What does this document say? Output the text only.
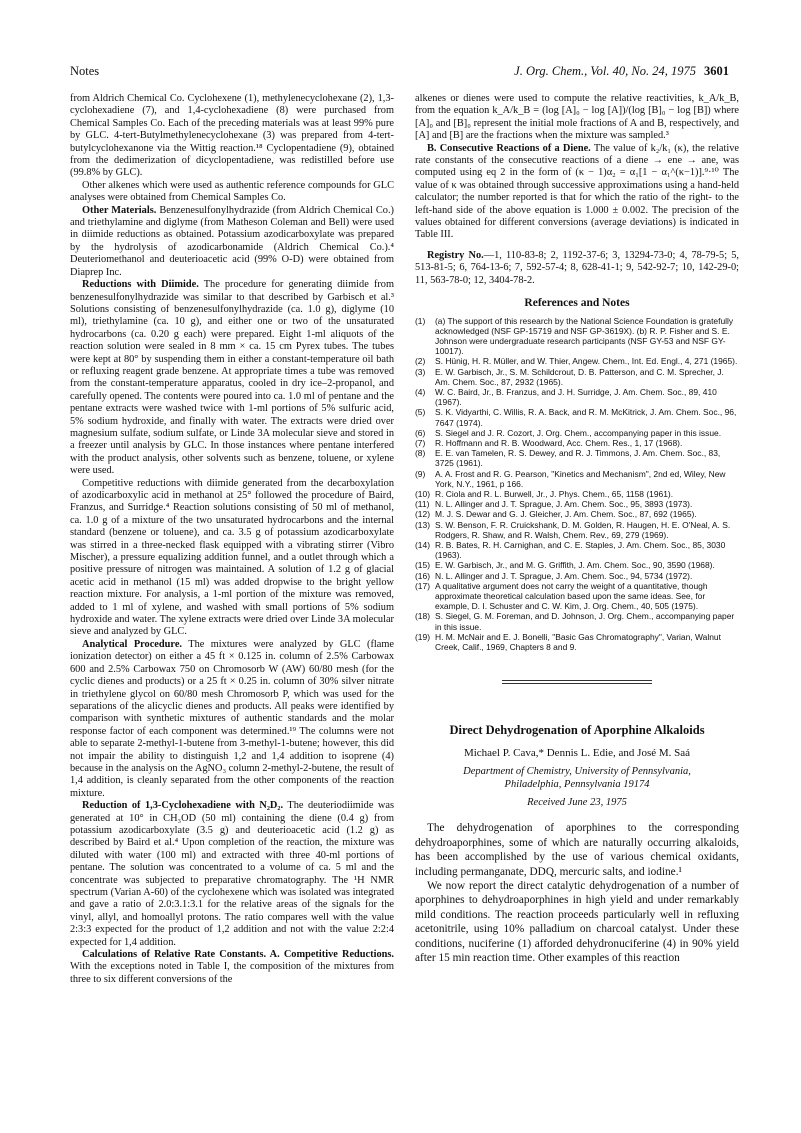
Notes	J. Org. Chem., Vol. 40, No. 24, 1975 3601

from Aldrich Chemical Co. Cyclohexene (1), methylenecyclohexane (2), 1,3-cyclohexadiene (7), and 1,4-cyclohexadiene (8) were purchased from Chemical Samples Co. Each of the preceding materials was at least 99% pure by GLC. 4-tert-Butylmethylenecyclohexane (3) was prepared from 4-tert-butylcyclohexanone via the Wittig reaction.¹⁸ Cyclopentadiene (9), obtained from the dedimerization of dicyclopentadiene, was redistilled before use (99.8% by GLC).

Other alkenes which were used as authentic reference compounds for GLC analyses were obtained from Chemical Samples Co.

Other Materials. Benzenesulfonylhydrazide (from Aldrich Chemical Co.) and triethylamine and diglyme (from Matheson Coleman and Bell) were used in diimide reductions as obtained. Potassium azodicarboxylate was prepared by the hydrolysis of azodicarbonamide (Aldrich Chemical Co.).⁴ Deuteriomethanol and deuterioacetic acid (99% O-D) were obtained from Diaprep Inc.

Reductions with Diimide. The procedure for generating diimide from benzenesulfonylhydrazide was similar to that described by Garbisch et al.³ Solutions consisting of benzenesulfonylhydrazide (ca. 1.0 g), diglyme (10 ml), triethylamine (ca. 10 g), and either one or two of the unsaturated hydrocarbons (ca. 0.20 g each) were prepared. Eight 1-ml aliquots of the reaction solution were sealed in 8 mm × ca. 15 cm Pyrex tubes. The tubes were kept at 80° by suspending them in either a constant-temperature oil bath or refluxing reagent grade benzene. At appropriate times a tube was removed from the constant-temperature apparatus, cooled in dry ice–2-propanol, and carefully opened. The contents were poured into ca. 1.0 ml of pentane and the pentane extracts were washed twice with 1-ml portions of 5% sulfuric acid, 5% sodium hydroxide, and finally with water. The extracts were dried over magnesium sulfate, sodium sulfate, or Linde 3A molecular sieve and stored in a freezer until analysis by GLC. In those instances where pentane interfered with the product analysis, other solvents such as benzene, toluene, or xylene were used.

Competitive reductions with diimide generated from the decarboxylation of azodicarboxylic acid in methanol at 25° followed the procedure of Baird, Franzus, and Surridge.⁴ Reaction solutions consisting of 50 ml of methanol, ca. 1.0 g of a mixture of the two unsaturated hydrocarbons and the internal standard (benzene or toluene), and ca. 3.5 g of potassium azodicarboxylate was stirred in a three-necked flask equipped with a vibrating stirrer (Vibro Mischer), a pressure equalizing addition funnel, and a outlet through which a positive pressure of nitrogen was maintained. A solution of 1.2 g of glacial acetic acid in methanol (15 ml) was added dropwise to the bright yellow reaction mixture. For analysis, a 1-ml portion of the mixture was removed, added to 1 ml of xylene, and washed with small portions of 5% sodium hydroxide and water. The xylene extracts were dried over Linde 3A molecular sieve and analyzed by GLC.

Analytical Procedure. The mixtures were analyzed by GLC (flame ionization detector) on either a 45 ft × 0.125 in. column of 2.5% Carbowax 600 and 2.5% Carbowax 750 on Chromosorb W (AW) 60/80 mesh (for the cyclic dienes and products) or a 25 ft × 0.25 in. column of 30% silver nitrate in triethylene glycol on 60/80 mesh Chromosorb P, which was used for the separations of the alicyclic dienes and products. All peaks were identified by comparison with synthetic mixtures of authentic standards and the molar response factor of each component was determined.¹⁹ The columns were not able to separate 2-methyl-1-butene from 3-methyl-1-butene; however, this did not impair the ability to distinguish 1,2 and 1,4 addition to isoprene (4) because in the analysis on the AgNO₃ column 2-methyl-2-butene, the result of 1,4 addition, is cleanly separated from the other components of the reaction mixture.

Reduction of 1,3-Cyclohexadiene with N₂D₂. The deuteriodiimide was generated at 10° in CH₃OD (50 ml) containing the diene (0.4 g) from potassium azodicarboxylate (3.5 g) and deuterioacetic acid (1.2 g) as described by Baird et al.⁴ Upon completion of the reaction, the mixture was diluted with water (100 ml) and extracted with three 40-ml portions of pentane. The solution was concentrated to a volume of ca. 5 ml and the concentrate was subjected to preparative chromatography. The ¹H NMR spectrum (Varian A-60) of the cyclohexene which was isolated was integrated and gave a ratio of 2.0:3.1:3.1 for the relative areas of the signals for the vinyl, allyl, and homoallyl protons. The ratio compares well with the value 2:3:3 expected for the product of 1,2 addition and not with the value 2:2:4 expected for 1,4 addition.

Calculations of Relative Rate Constants. A. Competitive Reductions. With the exceptions noted in Table I, the composition of the mixtures from three to six different conversions of the

alkenes or dienes were used to compute the relative reactivities, k_A/k_B, from the equation k_A/k_B = (log [A]₀ − log [A])/(log [B]₀ − log [B]) where [A]₀ and [B]₀ represent the initial mole fractions of A and B, respectively, and [A] and [B] are the fractions when the mixture was sampled.³

B. Consecutive Reactions of a Diene. The value of k₂/k₁ (κ), the relative rate constants of the consecutive reactions of a diene → ene → ane, was computed using eq 2 in the form of (κ − 1)α₂ = α₁[1 − α₁^(κ−1)].⁹·¹⁰ The value of κ was obtained through successive approximations using a hand-held calculator; the number reported is that for which the ratio of the right- to the left-hand side of the above equation is 1.000 ± 0.002. The precision of the values obtained for different conversions (average deviations) is indicated in Table III.

Registry No.—1, 110-83-8; 2, 1192-37-6; 3, 13294-73-0; 4, 78-79-5; 5, 513-81-5; 6, 764-13-6; 7, 592-57-4; 8, 628-41-1; 9, 542-92-7; 10, 142-29-0; 11, 563-78-0; 12, 3404-78-2.

References and Notes
(1) (a) The support of this research by the National Science Foundation is gratefully acknowledged (NSF GP-15719 and NSF GP-3619X). (b) R. P. Fisher and S. E. Johnson were undergraduate research participants (NSF GY-53 and NSF GY-10017).
(2) S. Hünig, H. R. Müller, and W. Thier, Angew. Chem., Int. Ed. Engl., 4, 271 (1965).
(3) E. W. Garbisch, Jr., S. M. Schildcrout, D. B. Patterson, and C. M. Sprecher, J. Am. Chem. Soc., 87, 2932 (1965).
(4) W. C. Baird, Jr., B. Franzus, and J. H. Surridge, J. Am. Chem. Soc., 89, 410 (1967).
(5) S. K. Vidyarthi, C. Willis, R. A. Back, and R. M. McKitrick, J. Am. Chem. Soc., 96, 7647 (1974).
(6) S. Siegel and J. R. Cozort, J. Org. Chem., accompanying paper in this issue.
(7) R. Hoffmann and R. B. Woodward, Acc. Chem. Res., 1, 17 (1968).
(8) E. E. van Tamelen, R. S. Dewey, and R. J. Timmons, J. Am. Chem. Soc., 83, 3725 (1961).
(9) A. A. Frost and R. G. Pearson, "Kinetics and Mechanism", 2nd ed, Wiley, New York, N.Y., 1961, p 166.
(10) R. Ciola and R. L. Burwell, Jr., J. Phys. Chem., 65, 1158 (1961).
(11) N. L. Allinger and J. T. Sprague, J. Am. Chem. Soc., 95, 3893 (1973).
(12) M. J. S. Dewar and G. J. Gleicher, J. Am. Chem. Soc., 87, 692 (1965).
(13) S. W. Benson, F. R. Cruickshank, D. M. Golden, R. Haugen, H. E. O'Neal, A. S. Rodgers, R. Shaw, and R. Walsh, Chem. Rev., 69, 279 (1969).
(14) R. B. Bates, R. H. Carnighan, and C. E. Staples, J. Am. Chem. Soc., 85, 3030 (1963).
(15) E. W. Garbisch, Jr., and M. G. Griffith, J. Am. Chem. Soc., 90, 3590 (1968).
(16) N. L. Allinger and J. T. Sprague, J. Am. Chem. Soc., 94, 5734 (1972).
(17) A qualitative argument does not carry the weight of a quantitative, though approximate theoretical calculation based upon the same ideas. See, for example, D. I. Schuster and C. W. Kim, J. Org. Chem., 40, 505 (1975).
(18) S. Siegel, G. M. Foreman, and D. Johnson, J. Org. Chem., accompanying paper in this issue.
(19) H. M. McNair and E. J. Bonelli, "Basic Gas Chromatography", Varian, Walnut Creek, Calif., 1969, Chapters 8 and 9.
Direct Dehydrogenation of Aporphine Alkaloids
Michael P. Cava,* Dennis L. Edie, and José M. Saá
Department of Chemistry, University of Pennsylvania,
Philadelphia, Pennsylvania 19174
Received June 23, 1975

The dehydrogenation of aporphines to the corresponding dehydroaporphines, some of which are naturally occurring alkaloids, has been accomplished by the use of various chemical oxidants, including permanganate, DDQ, mercuric salts, and iodine.¹

We now report the direct catalytic dehydrogenation of a number of aporphines to dehydroaporphines in high yield and under remarkably mild conditions. The reaction proceeds particularly well in refluxing acetonitrile, using 10% palladium on charcoal catalyst. Under these conditions, nuciferine (1) afforded dehydronuciferine (4) in 90% yield after 15 min reaction time. Other examples of this reaction
